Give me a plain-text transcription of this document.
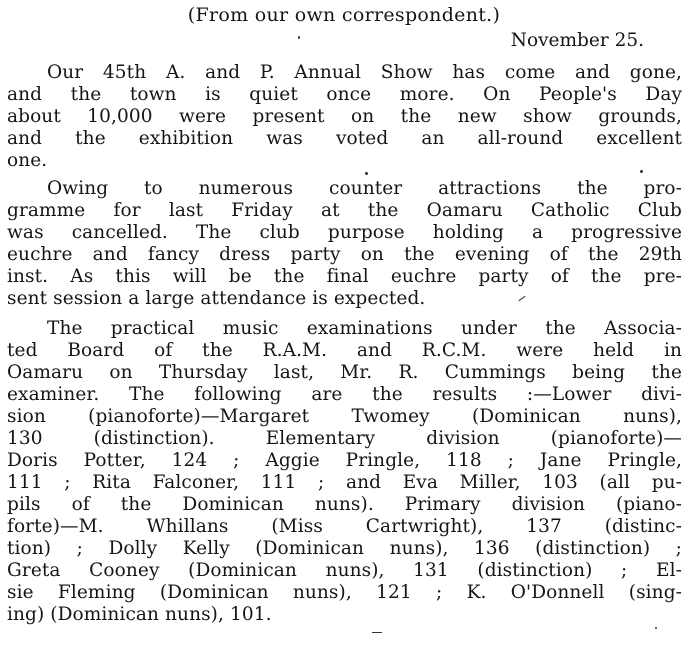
(From our own correspondent.)
November 25.
Our 45th A. and P. Annual Show has come and gone,
and the town is quiet once more. On People's Day
about 10,000 were present on the new show grounds,
and the exhibition was voted an all-round excellent
one.
Owing to numerous counter attractions the pro-
gramme for last Friday at the Oamaru Catholic Club
was cancelled. The club purpose holding a progressive
euchre and fancy dress party on the evening of the 29th
inst. As this will be the final euchre party of the pre-
sent session a large attendance is expected.
The practical music examinations under the Associa-
ted Board of the R.A.M. and R.C.M. were held in
Oamaru on Thursday last, Mr. R. Cummings being the
examiner. The following are the results :—Lower divi-
sion (pianoforte)—Margaret Twomey (Dominican nuns),
130 (distinction). Elementary division (pianoforte)—
Doris Potter, 124 ; Aggie Pringle, 118 ; Jane Pringle,
111 ; Rita Falconer, 111 ; and Eva Miller, 103 (all pu-
pils of the Dominican nuns). Primary division (piano-
forte)—M. Whillans (Miss Cartwright), 137 (distinc-
tion) ; Dolly Kelly (Dominican nuns), 136 (distinction) ;
Greta Cooney (Dominican nuns), 131 (distinction) ; El-
sie Fleming (Dominican nuns), 121 ; K. O'Donnell (sing-
ing) (Dominican nuns), 101.
